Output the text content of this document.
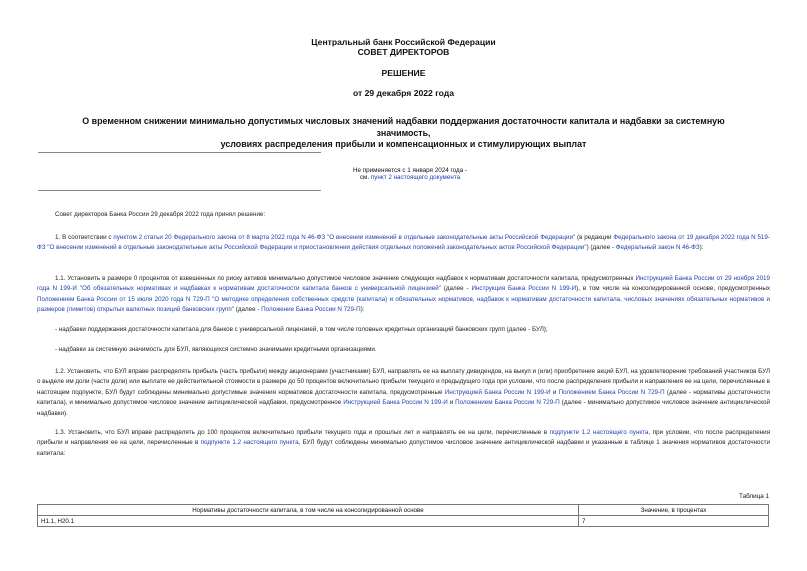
Центральный банк Российской Федерации
СОВЕТ ДИРЕКТОРОВ
РЕШЕНИЕ
от 29 декабря 2022 года
О временном снижении минимально допустимых числовых значений надбавки поддержания достаточности капитала и надбавки за системную значимость,
условиях распределения прибыли и компенсационных и стимулирующих выплат
Не применяется с 1 января 2024 года -
см. пункт 2 настоящего документа
Совет директоров Банка России 29 декабря 2022 года принял решение:
1. В соответствии с пунктом 2 статьи 20 Федерального закона от 8 марта 2022 года N 46-ФЗ "О внесении изменений в отдельные законодательные акты Российской Федерации" (в редакции Федерального закона от 19 декабря 2022 года N 519-ФЗ "О внесении изменений в отдельные законодательные акты Российской Федерации и приостановлении действия отдельных положений законодательных актов Российской Федерации") (далее - Федеральный закон N 46-ФЗ):
1.1. Установить в размере 0 процентов от взвешенных по риску активов минимально допустимое числовое значение следующих надбавок к нормативам достаточности капитала, предусмотренных Инструкцией Банка России от 29 ноября 2019 года N 199-И "Об обязательных нормативах и надбавках к нормативам достаточности капитала банков с универсальной лицензией" (далее - Инструкция Банка России N 199-И), в том числе на консолидированной основе, предусмотренных Положением Банка России от 15 июля 2020 года N 729-П "О методике определения собственных средств (капитала) и обязательных нормативов, надбавок к нормативам достаточности капитала, числовых значениях обязательных нормативов и размеров (лимитов) открытых валютных позиций банковских групп" (далее - Положение Банка России N 729-П):
- надбавки поддержания достаточности капитала для банков с универсальной лицензией, в том числе головных кредитных организаций банковских групп (далее - БУЛ);
- надбавки за системную значимость для БУЛ, являющихся системно значимыми кредитными организациями.
1.2. Установить, что БУЛ вправе распределять прибыль (часть прибыли) между акционерами (участниками) БУЛ, направлять ее на выплату дивидендов, на выкуп и (или) приобретение акций БУЛ, на удовлетворение требований участников БУЛ о выделе им доли (части доли) или выплате ее действительной стоимости в размере до 50 процентов включительно прибыли текущего и предыдущего года при условии, что после распределения прибыли и направления ее на цели, перечисленные в настоящем подпункте, БУЛ будут соблюдены минимально допустимые значения нормативов достаточности капитала, предусмотренные Инструкцией Банка России N 199-И и Положением Банка России N 729-П (далее - нормативы достаточности капитала), и минимально допустимое числовое значение антициклической надбавки, предусмотренное Инструкцией Банка России N 199-И и Положением Банка России N 729-П (далее - минимально допустимое числовое значение антициклической надбавки).
1.3. Установить, что БУЛ вправе распределять до 100 процентов включительно прибыли текущего года и прошлых лет и направлять ее на цели, перечисленные в подпункте 1.2 настоящего пункта, при условии, что после распределения прибыли и направления ее на цели, перечисленные в подпункте 1.2 настоящего пункта, БУЛ будут соблюдены минимально допустимое числовое значение антициклической надбавки и указанные в таблице 1 значения нормативов достаточности капитала:
Таблица 1
Нормативы достаточности капитала, в том числе на консолидированной основе	Значение, в процентах
Н1.1, Н20.1	7
